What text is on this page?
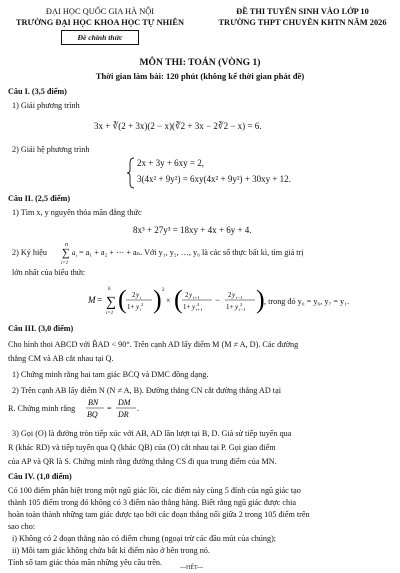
ĐẠI HỌC QUỐC GIA HÀ NỘI
TRƯỜNG ĐẠI HỌC KHOA HỌC TỰ NHIÊN
Đề chính thức
ĐỀ THI TUYỂN SINH VÀO LỚP 10
TRƯỜNG THPT CHUYÊN KHTN NĂM 2026
MÔN THI: TOÁN (VÒNG 1)
Thời gian làm bài: 120 phút (không kể thời gian phát đề)
Câu I. (3,5 điểm)
1) Giải phương trình
3x + ∛(2 + 3x)(2 − x)(∛2 + 3x − 2∛2 − x) = 6.
2) Giải hệ phương trình
2x + 3y + 6xy = 2,
3(4x² + 9y²) = 6xy(4x² + 9y²) + 30xy + 12.
Câu II. (2,5 điểm)
1) Tìm x, y nguyên thỏa mãn đẳng thức
8x³ + 27y³ = 18xy + 4x + 6y + 4.
2) Ký hiệu
n
∑ a i
i=1
= a₁ + a₂ + ⋯ + aₙ. Với y₁, y₂, …, y₆ là các số thực bất kì, tìm giá trị
lớn nhất của biểu thức
M =
6
∑
i=1 ( 2 y i
1+ y 2
i ) 2
× ( 2 y i+1
1+ y 2
i+1
− 2 y i−1
1+ y 2
i−1 ) , trong đó y₀ = y₆, y₇ = y₁.
Câu III. (3,0 điểm)
Cho hình thoi ABCD với B̂AD < 90°. Trên cạnh AD lấy điểm M (M ≠ A, D). Các đường
thẳng CM và AB cắt nhau tại Q.
1) Chứng minh rằng hai tam giác BCQ và DMC đồng dạng.
2) Trên cạnh AB lấy điểm N (N ≠ A, B). Đường thẳng CN cắt đường thẳng AD tại
R. Chứng minh rằng
BN
BQ
=
DM
DR
.
3) Gọi (O) là đường tròn tiếp xúc với AB, AD lần lượt tại B, D. Giả sử tiếp tuyến qua
R (khác RD) và tiếp tuyến qua Q (khác QB) của (O) cắt nhau tại P. Gọi giao điểm
của AP và QR là S. Chứng minh rằng đường thẳng CS đi qua trung điểm của MN.
Câu IV. (1,0 điểm)
Có 100 điểm phân biệt trong một ngũ giác lồi, các điểm này cùng 5 đỉnh của ngũ giác tạo
thành 105 điểm trong đó không có 3 điểm nào thẳng hàng. Biết rằng ngũ giác được chia
hoàn toàn thành những tam giác được tạo bởi các đoạn thẳng nối giữa 2 trong 105 điểm trên
sao cho:
i) Không có 2 đoạn thẳng nào có điểm chung (ngoại trừ các đầu mút của chúng);
ii) Mỗi tam giác không chứa bất kì điểm nào ở bên trong nó.
Tính số tam giác thỏa mãn những yêu cầu trên.
---HẾT---
